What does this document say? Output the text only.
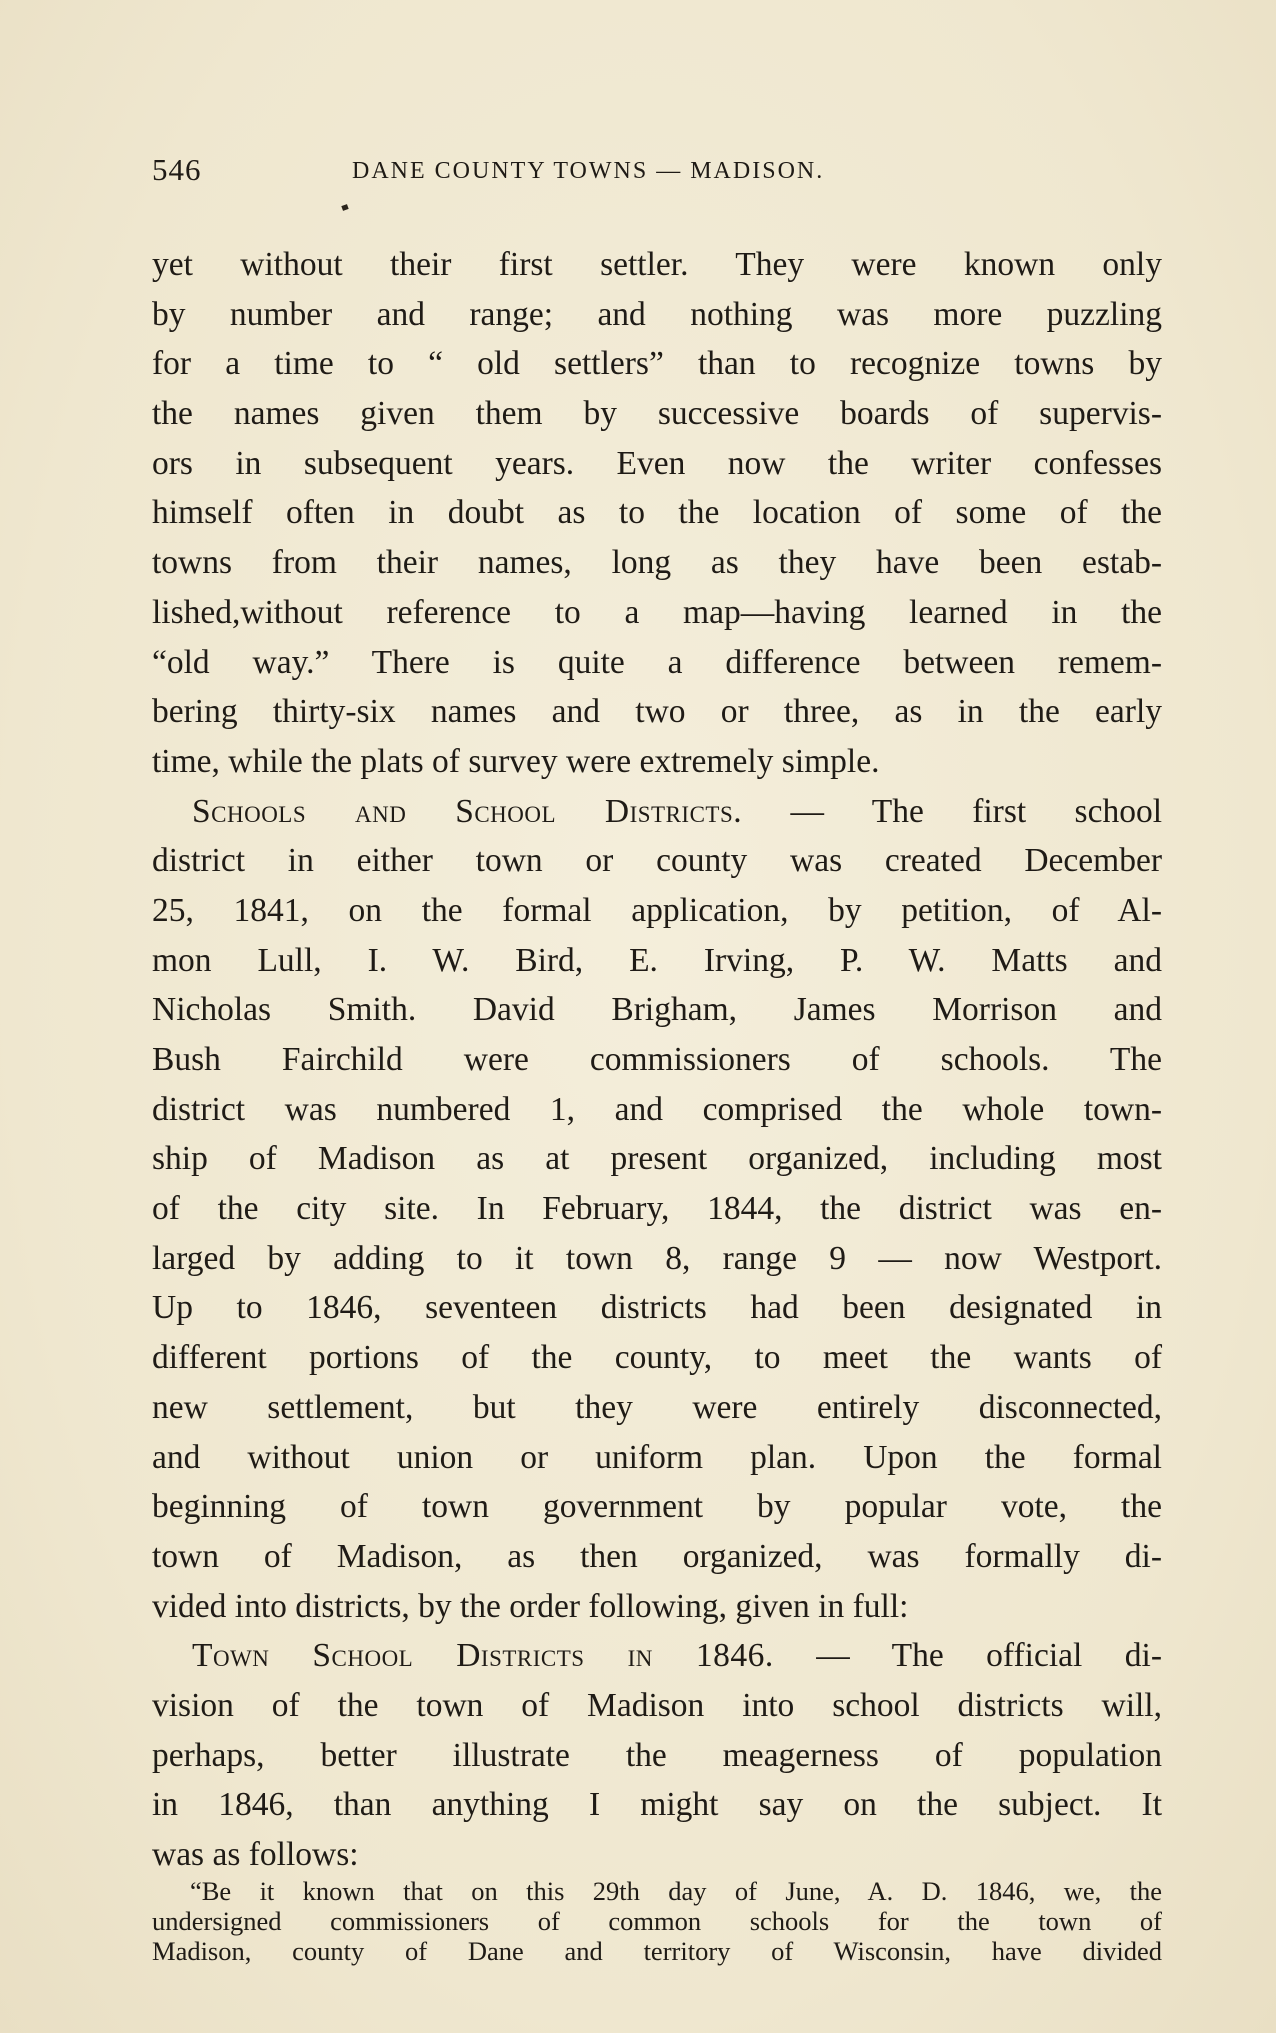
546	DANE COUNTY TOWNS — MADISON.
yet without their first settler. They were known only
by number and range; and nothing was more puzzling
for a time to “ old settlers” than to recognize towns by
the names given them by successive boards of supervis-
ors in subsequent years. Even now the writer confesses
himself often in doubt as to the location of some of the
towns from their names, long as they have been estab-
lished,without reference to a map—having learned in the
“old way.” There is quite a difference between remem-
bering thirty-six names and two or three, as in the early
time, while the plats of survey were extremely simple.
Schools and School Districts. — The first school
district in either town or county was created December
25, 1841, on the formal application, by petition, of Al-
mon Lull, I. W. Bird, E. Irving, P. W. Matts and
Nicholas Smith. David Brigham, James Morrison and
Bush Fairchild were commissioners of schools. The
district was numbered 1, and comprised the whole town-
ship of Madison as at present organized, including most
of the city site. In February, 1844, the district was en-
larged by adding to it town 8, range 9 — now Westport.
Up to 1846, seventeen districts had been designated in
different portions of the county, to meet the wants of
new settlement, but they were entirely disconnected,
and without union or uniform plan. Upon the formal
beginning of town government by popular vote, the
town of Madison, as then organized, was formally di-
vided into districts, by the order following, given in full:
Town School Districts in 1846. — The official di-
vision of the town of Madison into school districts will,
perhaps, better illustrate the meagerness of population
in 1846, than anything I might say on the subject. It
was as follows:
“Be it known that on this 29th day of June, A. D. 1846, we, the
undersigned commissioners of common schools for the town of
Madison, county of Dane and territory of Wisconsin, have divided
